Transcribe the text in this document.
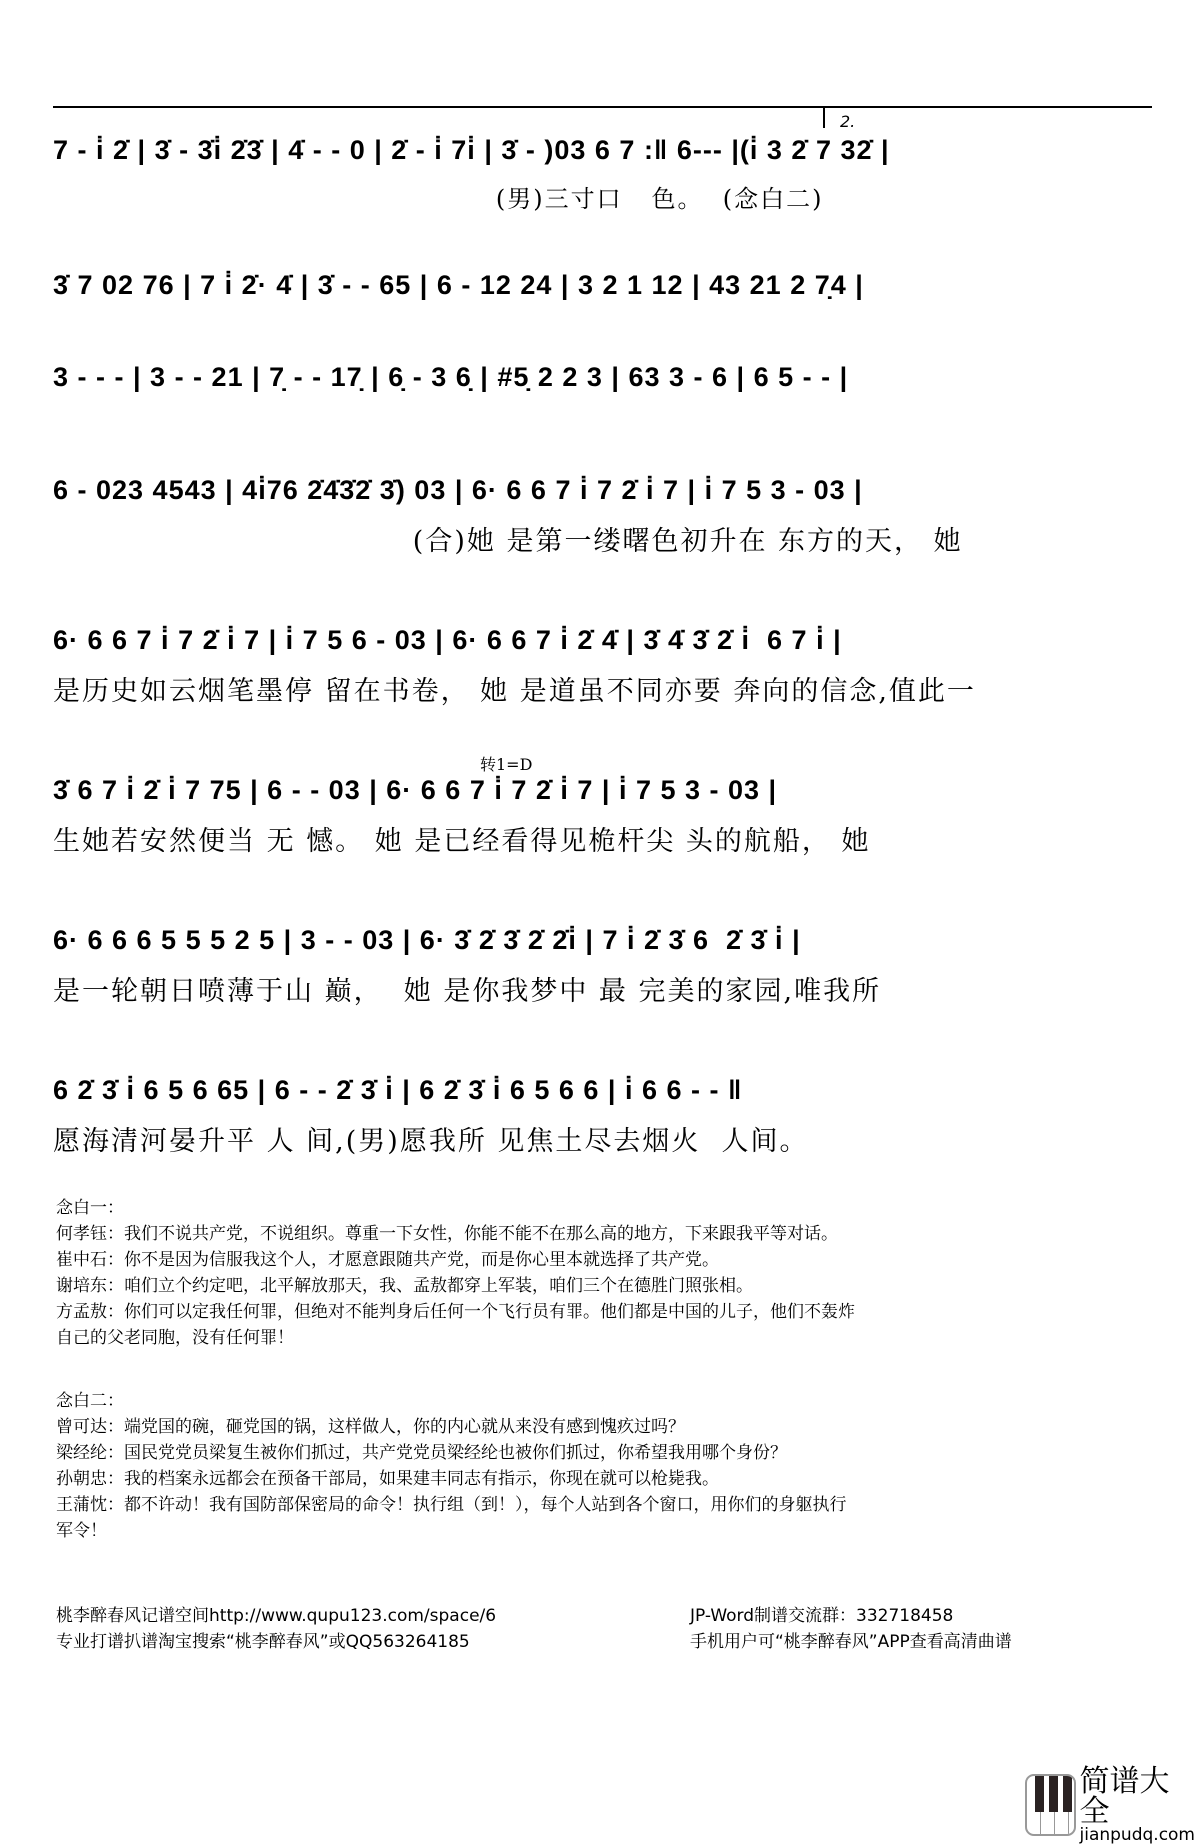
2.
7 - i̇ 2̇ | 3̇ - 3̇i̇ 2̇3̇ | 4̇ - - 0 | 2̇ - i̇ 7i̇ | 3̇ - )03 6 7 :‖ 6--- |(i̇ 3 2̇ 7 32̇ |
(男)三寸口   色。  (念白二)
3̇ 7 02 76 | 7 i̇ 2̇· 4̇ | 3̇ - - 65 | 6 - 12 24 | 3 2 1 12 | 43 21 2 7̣4 |
3 - - - | 3 - - 21 | 7̣ - - 17̣ | 6̣ - 3 6̣ | #5̣ 2 2 3 | 63 3 - 6 | 6 5 - - |
6 - 023 4543 | 4i̇76 2̇4̇3̇2̇ 3̇) 03 | 6· 6 6 7 i̇ 7 2̇ i̇ 7 | i̇ 7 5 3 - 03 |
(合)她 是第一缕曙色初升在 东方的天， 她
6· 6 6 7 i̇ 7 2̇ i̇ 7 | i̇ 7 5 6 - 03 | 6· 6 6 7 i̇ 2̇ 4̇ | 3̇ 4̇ 3̇ 2̇ i̇  6 7 i̇ |
是历史如云烟笔墨停 留在书卷， 她 是道虽不同亦要 奔向的信念,值此一
转1=D
3̇ 6 7 i̇ 2̇ i̇ 7 75 | 6 - - 03 | 6· 6 6 7 i̇ 7 2̇ i̇ 7 | i̇ 7 5 3 - 03 |
生她若安然便当 无 憾。 她 是已经看得见桅杆尖 头的航船， 她
6· 6 6 6 5 5 5 2 5 | 3 - - 03 | 6· 3̇ 2̇ 3̇ 2̇ 2̇i̇ | 7 i̇ 2̇ 3̇ 6  2̇ 3̇ i̇ |
是一轮朝日喷薄于山 巅，  她 是你我梦中 最 完美的家园,唯我所
6 2̇ 3̇ i̇ 6 5 6 65 | 6 - - 2̇ 3̇ i̇ | 6 2̇ 3̇ i̇ 6 5 6 6 | i̇ 6 6 - - ‖
愿海清河晏升平 人 间,(男)愿我所 见焦土尽去烟火  人间。
念白一：
何孝钰：我们不说共产党，不说组织。尊重一下女性，你能不能不在那么高的地方，下来跟我平等对话。
崔中石：你不是因为信服我这个人，才愿意跟随共产党，而是你心里本就选择了共产党。
谢培东：咱们立个约定吧，北平解放那天，我、孟敖都穿上军装，咱们三个在德胜门照张相。
方孟敖：你们可以定我任何罪，但绝对不能判身后任何一个飞行员有罪。他们都是中国的儿子，他们不轰炸
自己的父老同胞，没有任何罪！
念白二：
曾可达：端党国的碗，砸党国的锅，这样做人，你的内心就从来没有感到愧疚过吗？
梁经纶：国民党党员梁复生被你们抓过，共产党党员梁经纶也被你们抓过，你希望我用哪个身份？
孙朝忠：我的档案永远都会在预备干部局，如果建丰同志有指示，你现在就可以枪毙我。
王蒲忱：都不许动！我有国防部保密局的命令！执行组（到！），每个人站到各个窗口，用你们的身躯执行
军令！
桃李醉春风记谱空间http://www.qupu123.com/space/6
专业打谱扒谱淘宝搜索“桃李醉春风”或QQ563264185
JP-Word制谱交流群：332718458
手机用户可“桃李醉春风”APP查看高清曲谱
简谱大全
jianpudq.com
